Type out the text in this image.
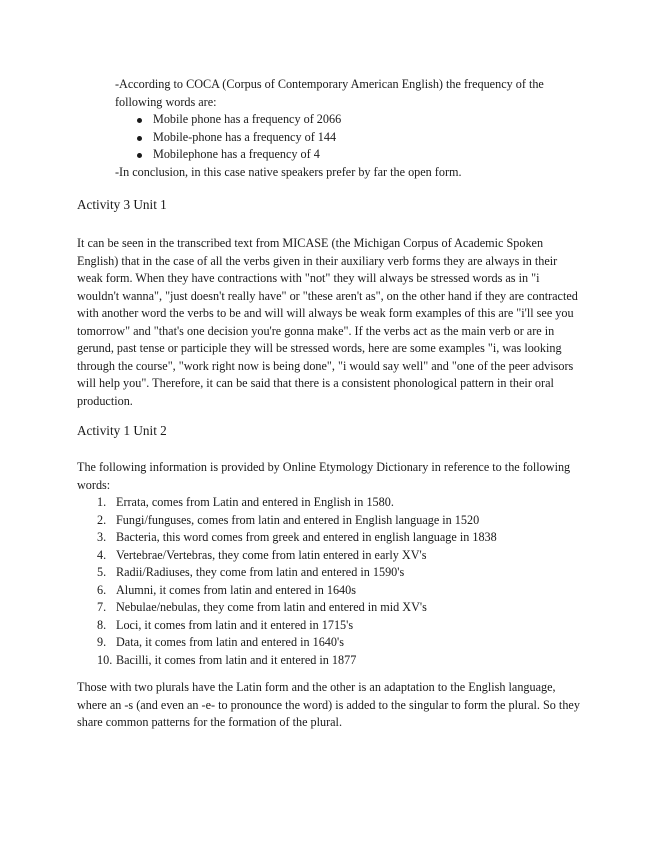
-According to COCA (Corpus of Contemporary American English) the frequency of the following words are:

Mobile phone has a frequency of 2066
Mobile-phone has a frequency of 144
Mobilephone has a frequency of 4

-In conclusion, in this case native speakers prefer by far the open form.

Activity 3 Unit 1

It can be seen in the transcribed text from MICASE (the Michigan Corpus of Academic Spoken English) that in the case of all the verbs given in their auxiliary verb forms they are always in their weak form. When they have contractions with "not" they will always be stressed words as in "i wouldn't wanna", "just doesn't really have" or "these aren't as", on the other hand if they are contracted with another word the verbs to be and will will always be weak form examples of this are "i'll see you tomorrow" and "that's one decision you're gonna make". If the verbs act as the main verb or are in gerund, past tense or participle they will be stressed words, here are some examples "i, was looking through the course", "work right now is being done", "i would say well" and "one of the peer advisors will help you". Therefore, it can be said that there is a consistent phonological pattern in their oral production.

Activity 1 Unit 2

The following information is provided by Online Etymology Dictionary in reference to the following words:

1. Errata, comes from Latin and entered in English in 1580.
2. Fungi/funguses, comes from latin and entered in English language in 1520
3. Bacteria, this word comes from greek and entered in english language in 1838
4. Vertebrae/Vertebras, they come from latin entered in early XV's
5. Radii/Radiuses, they come from latin and entered in 1590's
6. Alumni, it comes from latin and entered in 1640s
7. Nebulae/nebulas, they come from latin and entered in mid XV's
8. Loci, it comes from latin and it entered in 1715's
9. Data, it comes from latin and entered in 1640's
10. Bacilli, it comes from latin and it entered in 1877

Those with two plurals have the Latin form and the other is an adaptation to the English language, where an -s (and even an -e- to pronounce the word) is added to the singular to form the plural. So they share common patterns for the formation of the plural.
